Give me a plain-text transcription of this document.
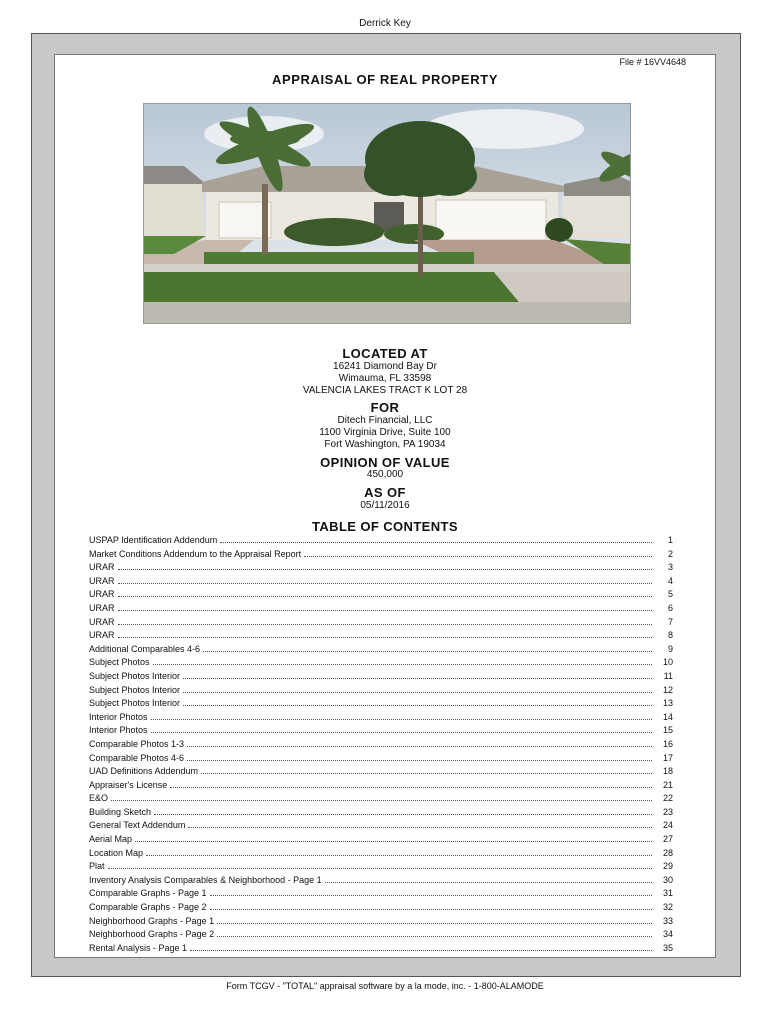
Derrick Key
File # 16VV4648
APPRAISAL OF REAL PROPERTY
LOCATED AT
16241 Diamond Bay Dr
Wimauma, FL 33598
VALENCIA LAKES TRACT K LOT 28
FOR
Ditech Financial, LLC
1100 Virginia Drive, Suite 100
Fort Washington, PA 19034
OPINION OF VALUE
450,000
AS OF
05/11/2016
TABLE OF CONTENTS
USPAP Identification Addendum	1
Market Conditions Addendum to the Appraisal Report	2
URAR	3
URAR	4
URAR	5
URAR	6
URAR	7
URAR	8
Additional Comparables 4-6	9
Subject Photos	10
Subject Photos Interior	11
Subject Photos Interior	12
Subject Photos Interior	13
Interior Photos	14
Interior Photos	15
Comparable Photos 1-3	16
Comparable Photos 4-6	17
UAD Definitions Addendum	18
Appraiser's License	21
E&O	22
Building Sketch	23
General Text Addendum	24
Aerial Map	27
Location Map	28
Plat	29
Inventory Analysis Comparables & Neighborhood - Page 1	30
Comparable Graphs - Page 1	31
Comparable Graphs - Page 2	32
Neighborhood Graphs - Page 1	33
Neighborhood Graphs - Page 2	34
Rental Analysis - Page 1	35
Form TCGV - "TOTAL" appraisal software by a la mode, inc. - 1-800-ALAMODE
